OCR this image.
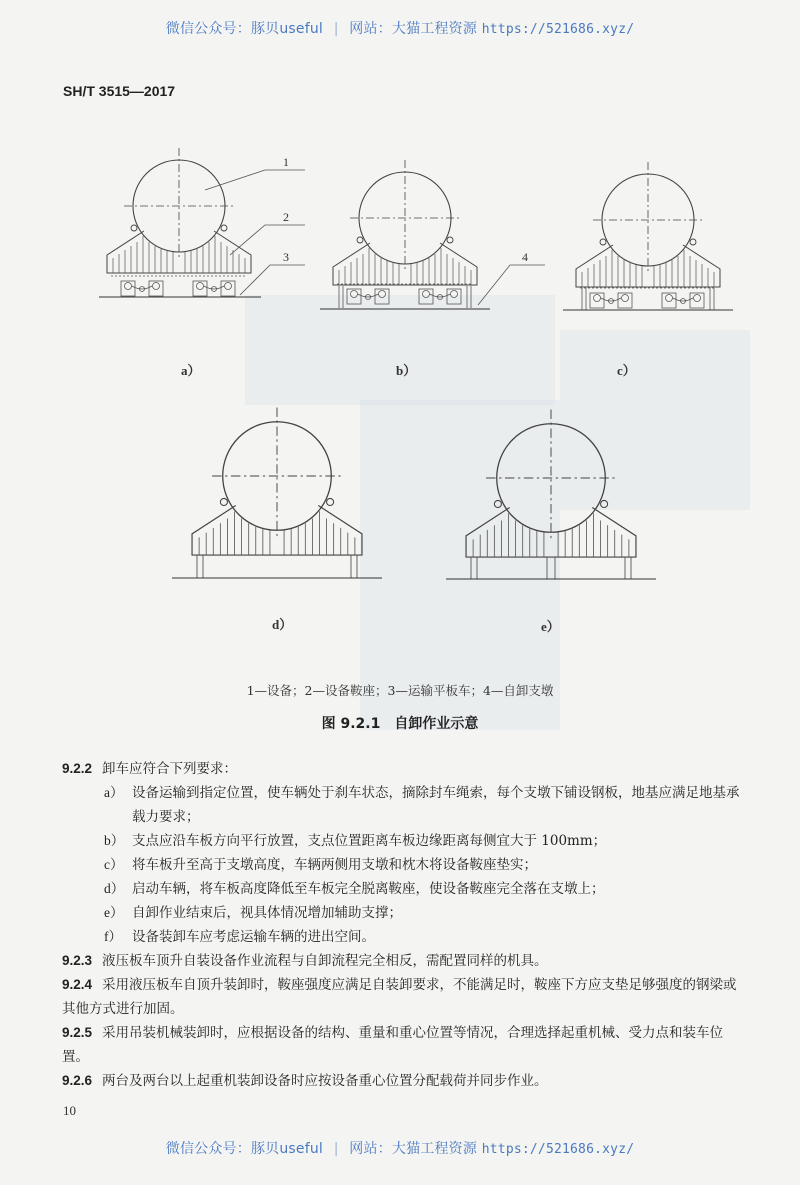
微信公众号：豚贝useful | 网站：大猫工程资源 https://521686.xyz/
SH/T 3515—2017
1
2
3	4
a）	b）	c）
d）	e）
1—设备；2—设备鞍座；3—运输平板车；4—自卸支墩
图 9.2.1　自卸作业示意
9.2.2 卸车应符合下列要求：
a） 设备运输到指定位置，使车辆处于刹车状态，摘除封车绳索，每个支墩下铺设钢板，地基应满足地基承载力要求；
b） 支点应沿车板方向平行放置，支点位置距离车板边缘距离每侧宜大于 100mm；
c） 将车板升至高于支墩高度，车辆两侧用支墩和枕木将设备鞍座垫实；
d） 启动车辆，将车板高度降低至车板完全脱离鞍座，使设备鞍座完全落在支墩上；
e） 自卸作业结束后，视具体情况增加辅助支撑；
f） 设备装卸车应考虑运输车辆的进出空间。
9.2.3 液压板车顶升自装设备作业流程与自卸流程完全相反，需配置同样的机具。
9.2.4 采用液压板车自顶升装卸时，鞍座强度应满足自装卸要求，不能满足时，鞍座下方应支垫足够强度的钢梁或其他方式进行加固。
9.2.5 采用吊装机械装卸时，应根据设备的结构、重量和重心位置等情况，合理选择起重机械、受力点和装车位置。
9.2.6 两台及两台以上起重机装卸设备时应按设备重心位置分配载荷并同步作业。
10
微信公众号：豚贝useful | 网站：大猫工程资源 https://521686.xyz/
